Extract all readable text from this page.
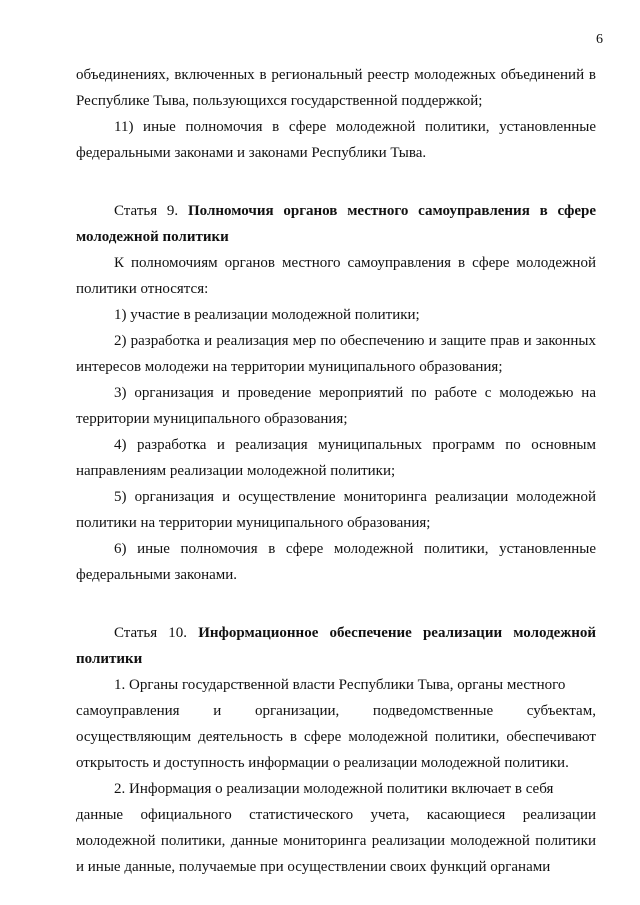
6

объединениях, включенных в региональный реестр молодежных объединений в Республике Тыва, пользующихся государственной поддержкой;

11) иные полномочия в сфере молодежной политики, установленные федеральными законами и законами Республики Тыва.

Статья 9. Полномочия органов местного самоуправления в сфере молодежной политики

К полномочиям органов местного самоуправления в сфере молодежной политики относятся:

1) участие в реализации молодежной политики;

2) разработка и реализация мер по обеспечению и защите прав и законных интересов молодежи на территории муниципального образования;

3) организация и проведение мероприятий по работе с молодежью на территории муниципального образования;

4) разработка и реализация муниципальных программ по основным направлениям реализации молодежной политики;

5) организация и осуществление мониторинга реализации молодежной политики на территории муниципального образования;

6) иные полномочия в сфере молодежной политики, установленные федеральными законами.

Статья 10. Информационное обеспечение реализации молодежной политики

1. Органы государственной власти Республики Тыва, органы местного

самоуправления и организации, подведомственные субъектам,

осуществляющим деятельность в сфере молодежной политики, обеспечивают открытость и доступность информации о реализации молодежной политики.

2. Информация о реализации молодежной политики включает в себя

данные официального статистического учета, касающиеся реализации

молодежной политики, данные мониторинга реализации молодежной политики и иные данные, получаемые при осуществлении своих функций органами
